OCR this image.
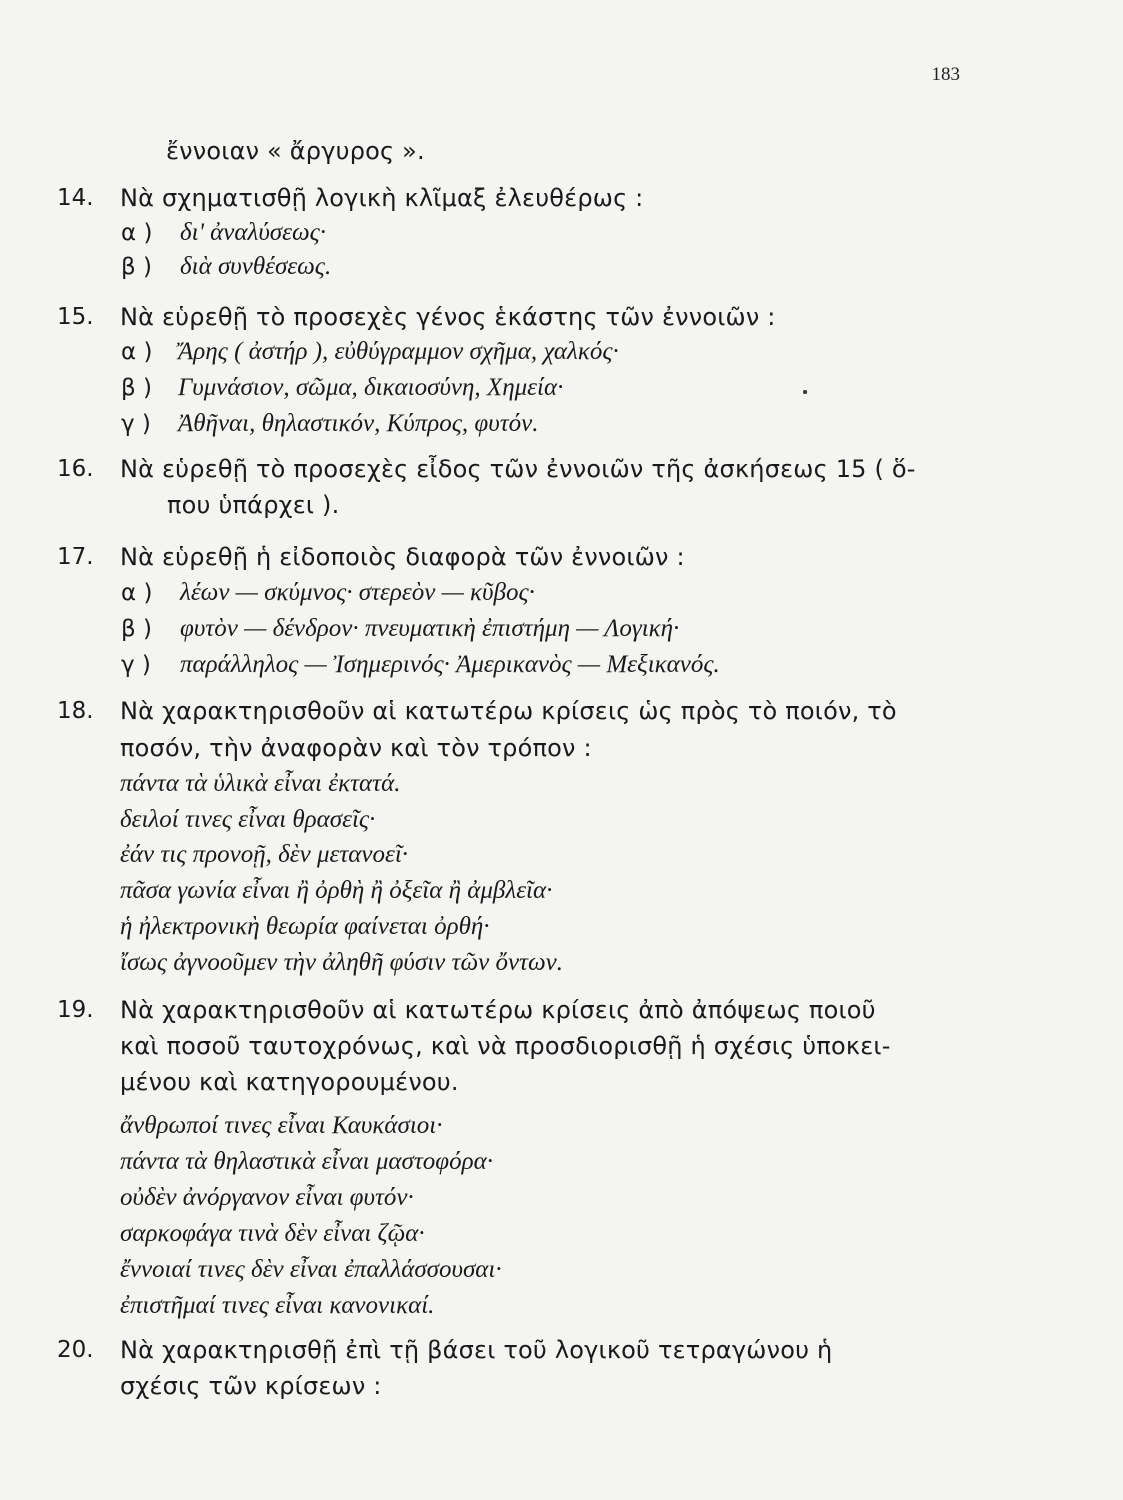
183
ἔννοιαν « ἄργυρος ».
14. Νὰ σχηματισθῇ λογικὴ κλῖμαξ ἐλευθέρως :
α ) δι' ἀναλύσεως·
β ) διὰ συνθέσεως.
15. Νὰ εὑρεθῇ τὸ προσεχὲς γένος ἑκάστης τῶν ἐννοιῶν :
α ) Ἄρης ( ἀστήρ ), εὐθύγραμμον σχῆμα, χαλκός·
β ) Γυμνάσιον, σῶμα, δικαιοσύνη, Χημεία·
γ ) Ἀθῆναι, θηλαστικόν, Κύπρος, φυτόν.
16. Νὰ εὑρεθῇ τὸ προσεχὲς εἶδος τῶν ἐννοιῶν τῆς ἀσκήσεως 15 ( ὅ-
που ὑπάρχει ).
17. Νὰ εὑρεθῇ ἡ εἰδοποιὸς διαφορὰ τῶν ἐννοιῶν :
α ) λέων — σκύμνος· στερεὸν — κῦβος·
β ) φυτὸν — δένδρον· πνευματικὴ ἐπιστήμη — Λογική·
γ ) παράλληλος — Ἰσημερινός· Ἀμερικανὸς — Μεξικανός.
18. Νὰ χαρακτηρισθοῦν αἱ κατωτέρω κρίσεις ὡς πρὸς τὸ ποιόν, τὸ
ποσόν, τὴν ἀναφορὰν καὶ τὸν τρόπον :
πάντα τὰ ὑλικὰ εἶναι ἐκτατά.
δειλοί τινες εἶναι θρασεῖς·
ἐάν τις προνοῇ, δὲν μετανοεῖ·
πᾶσα γωνία εἶναι ἢ ὀρθὴ ἢ ὀξεῖα ἢ ἀμβλεῖα·
ἡ ἠλεκτρονικὴ θεωρία φαίνεται ὀρθή·
ἴσως ἀγνοοῦμεν τὴν ἀληθῆ φύσιν τῶν ὄντων.
19. Νὰ χαρακτηρισθοῦν αἱ κατωτέρω κρίσεις ἀπὸ ἀπόψεως ποιοῦ
καὶ ποσοῦ ταυτοχρόνως, καὶ νὰ προσδιορισθῇ ἡ σχέσις ὑποκει-
μένου καὶ κατηγορουμένου.
ἄνθρωποί τινες εἶναι Καυκάσιοι·
πάντα τὰ θηλαστικὰ εἶναι μαστοφόρα·
οὐδὲν ἀνόργανον εἶναι φυτόν·
σαρκοφάγα τινὰ δὲν εἶναι ζῷα·
ἔννοιαί τινες δὲν εἶναι ἐπαλλάσσουσαι·
ἐπιστῆμαί τινες εἶναι κανονικαί.
20. Νὰ χαρακτηρισθῇ ἐπὶ τῇ βάσει τοῦ λογικοῦ τετραγώνου ἡ
σχέσις τῶν κρίσεων :
